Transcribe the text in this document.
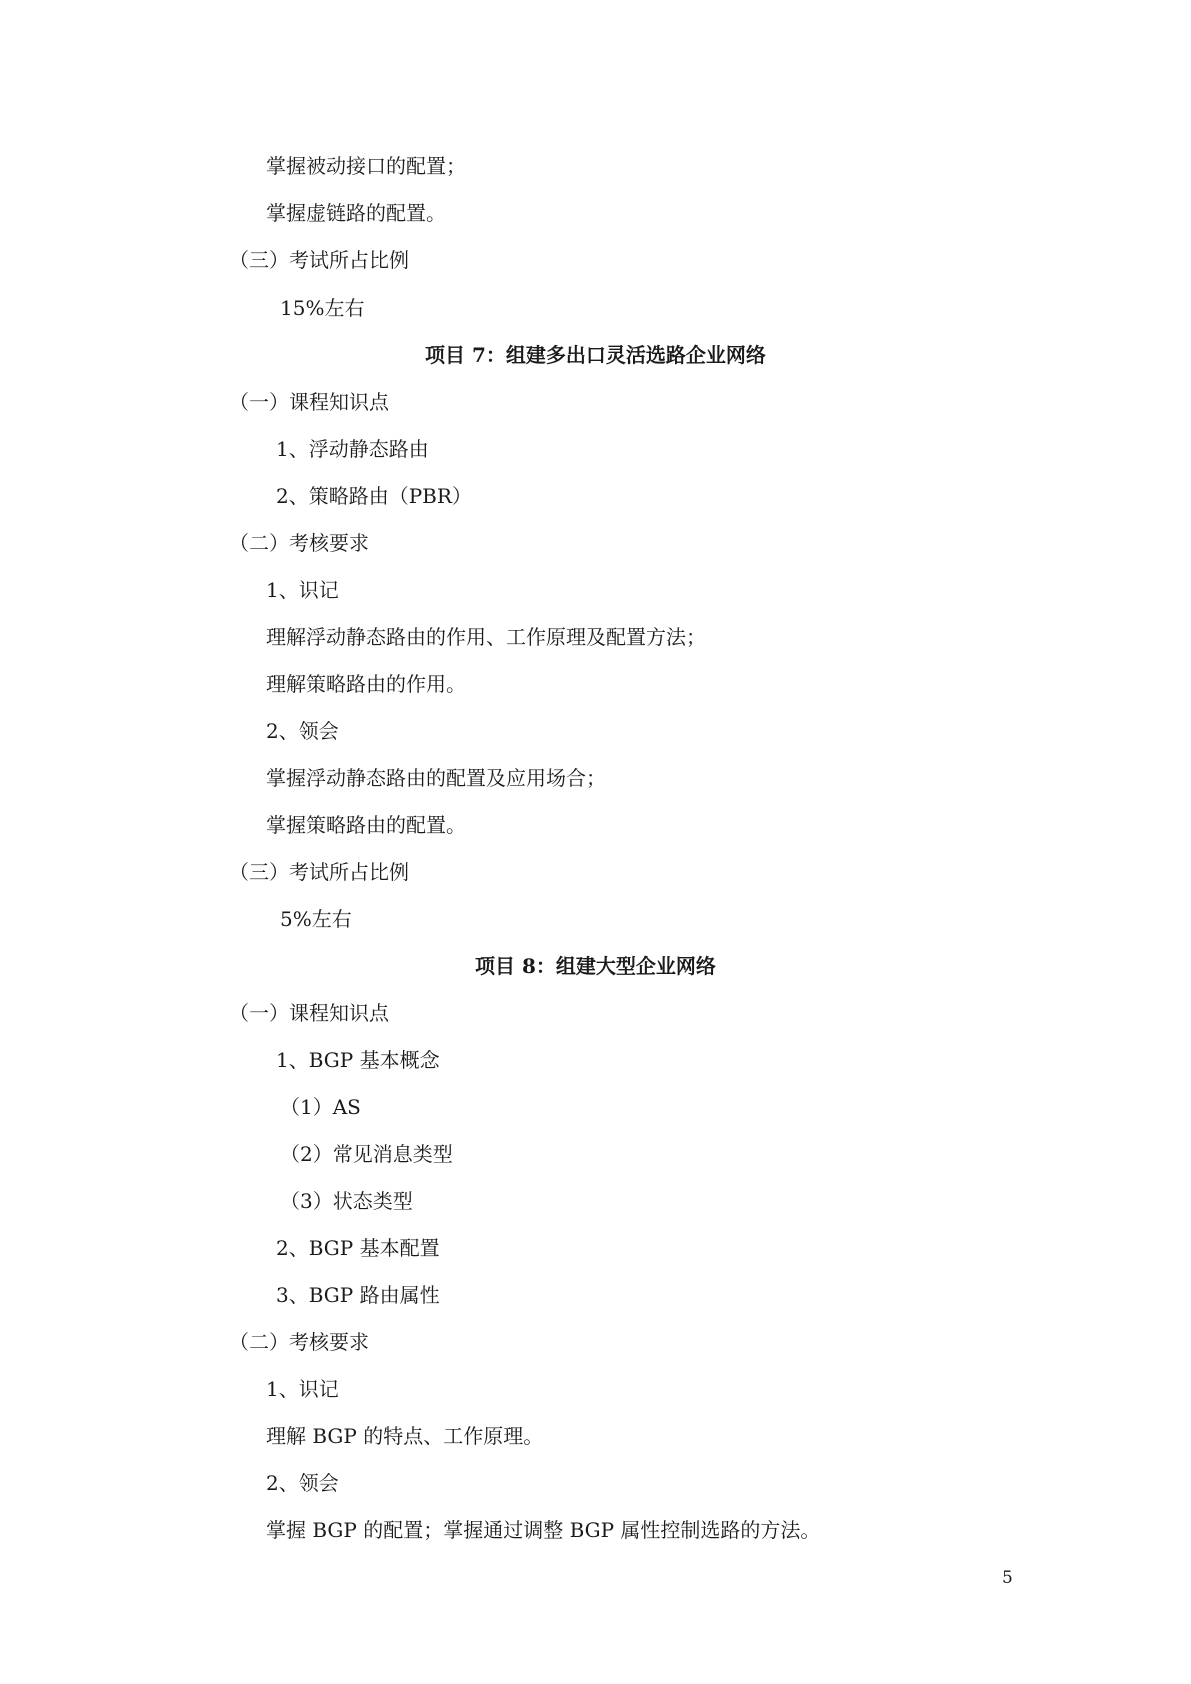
掌握被动接口的配置；
掌握虚链路的配置。
（三）考试所占比例
15%左右
项目 7：组建多出口灵活选路企业网络
（一）课程知识点
1、浮动静态路由
2、策略路由（PBR）
（二）考核要求
1、识记
理解浮动静态路由的作用、工作原理及配置方法；
理解策略路由的作用。
2、领会
掌握浮动静态路由的配置及应用场合；
掌握策略路由的配置。
（三）考试所占比例
5%左右
项目 8：组建大型企业网络
（一）课程知识点
1、BGP 基本概念
（1）AS
（2）常见消息类型
（3）状态类型
2、BGP 基本配置
3、BGP 路由属性
（二）考核要求
1、识记
理解 BGP 的特点、工作原理。
2、领会
掌握 BGP 的配置；掌握通过调整 BGP 属性控制选路的方法。
5
